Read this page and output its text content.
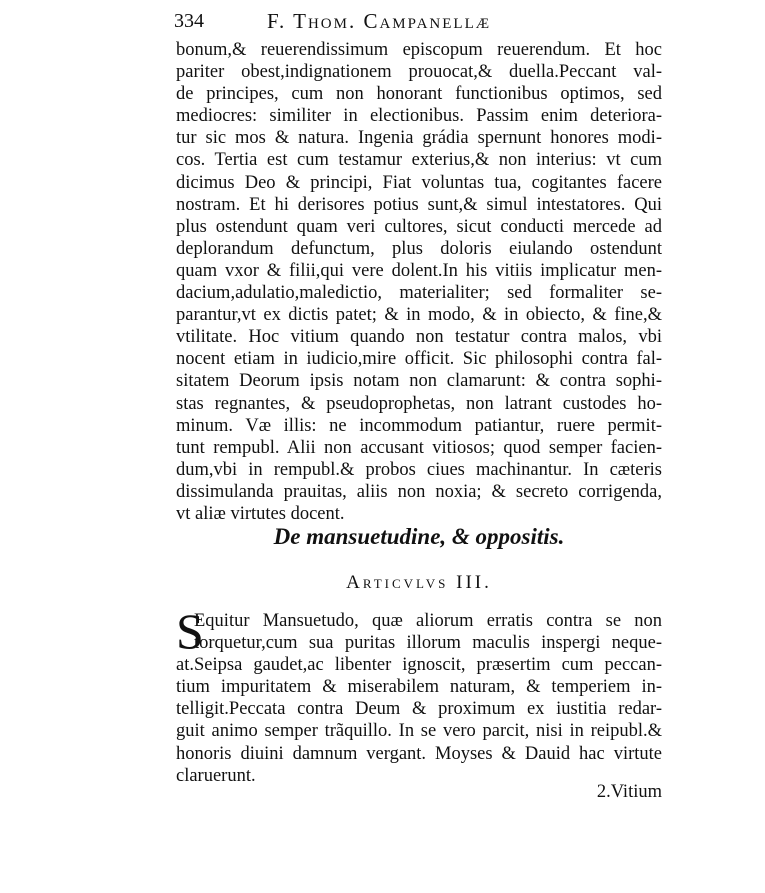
334	F. Thom. Campanellæ
bonum,& reuerendissimum episcopum reuerendum. Et hoc
pariter obest,indignationem prouocat,& duella.Peccant val-
de principes, cum non honorant functionibus optimos, sed
mediocres: similiter in electionibus. Passim enim deteriora-
tur sic mos & natura. Ingenia grádia spernunt honores modi-
cos. Tertia est cum testamur exterius,& non interius: vt cum
dicimus Deo & principi, Fiat voluntas tua, cogitantes facere
nostram. Et hi derisores potius sunt,& simul intestatores. Qui
plus ostendunt quam veri cultores, sicut conducti mercede ad
deplorandum defunctum, plus doloris eiulando ostendunt
quam vxor & filii,qui vere dolent.In his vitiis implicatur men-
dacium,adulatio,maledictio, materialiter; sed formaliter se-
parantur,vt ex dictis patet; & in modo, & in obiecto, & fine,&
vtilitate. Hoc vitium quando non testatur contra malos, vbi
nocent etiam in iudicio,mire officit. Sic philosophi contra fal-
sitatem Deorum ipsis notam non clamarunt: & contra sophi-
stas regnantes, & pseudoprophetas, non latrant custodes ho-
minum. Væ illis: ne incommodum patiantur, ruere permit-
tunt rempubl. Alii non accusant vitiosos; quod semper facien-
dum,vbi in rempubl.& probos ciues machinantur. In cæteris
dissimulanda prauitas, aliis non noxia; & secreto corrigenda,
vt aliæ virtutes docent.
De mansuetudine, & oppositis.
Articvlvs III.
S
Equitur Mansuetudo, quæ aliorum erratis contra se non
torquetur,cum sua puritas illorum maculis inspergi neque-
at.Seipsa gaudet,ac libenter ignoscit, præsertim cum peccan-
tium impuritatem & miserabilem naturam, & temperiem in-
telligit.Peccata contra Deum & proximum ex iustitia redar-
guit animo semper trãquillo. In se vero parcit, nisi in reipubl.&
honoris diuini damnum vergant. Moyses & Dauid hac virtute
claruerunt.
2.Vitium
